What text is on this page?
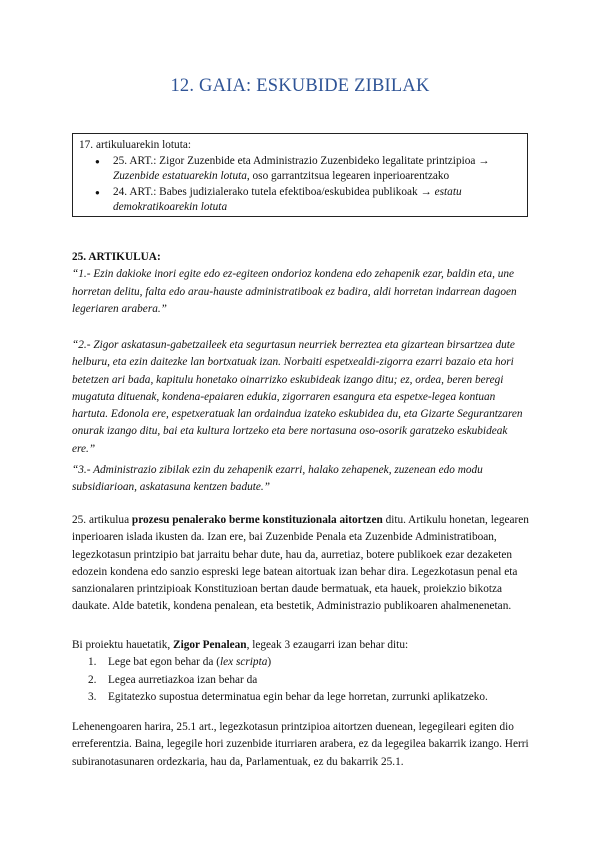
12. GAIA: ESKUBIDE ZIBILAK
17. artikuluarekin lotuta:
● 25. ART.: Zigor Zuzenbide eta Administrazio Zuzenbideko legalitate printzipioa → Zuzenbide estatuarekin lotuta, oso garrantzitsua legearen inperioarentzako
● 24. ART.: Babes judizialerako tutela efektiboa/eskubidea publikoak → estatu demokratikoarekin lotuta
25. ARTIKULUA:
“1.- Ezin dakioke inori egite edo ez-egiteen ondorioz kondena edo zehapenik ezar, baldin eta, une horretan delitu, falta edo arau-hauste administratiboak ez badira, aldi horretan indarrean dagoen legeriaren arabera.”
“2.- Zigor askatasun-gabetzaileek eta segurtasun neurriek berreztea eta gizartean birsartzea dute helburu, eta ezin daitezke lan bortxatuak izan. Norbaiti espetxealdi-zigorra ezarri bazaio eta hori betetzen ari bada, kapitulu honetako oinarrizko eskubideak izango ditu; ez, ordea, beren beregi mugatuta dituenak, kondena-epaiaren edukia, zigorraren esangura eta espetxe-legea kontuan hartuta. Edonola ere, espetxeratuak lan ordaindua izateko eskubidea du, eta Gizarte Segurantzaren onurak izango ditu, bai eta kultura lortzeko eta bere nortasuna oso-osorik garatzeko eskubideak ere.”
“3.- Administrazio zibilak ezin du zehapenik ezarri, halako zehapenek, zuzenean edo modu subsidiarioan, askatasuna kentzen badute.”
25. artikulua prozesu penalerako berme konstituzionala aitortzen ditu. Artikulu honetan, legearen inperioaren islada ikusten da. Izan ere, bai Zuzenbide Penala eta Zuzenbide Administratiboan, legezkotasun printzipio bat jarraitu behar dute, hau da, aurretiaz, botere publikoek ezar dezaketen edozein kondena edo sanzio espreski lege batean aitortuak izan behar dira. Legezkotasun penal eta sanzionalaren printzipioak Konstituzioan bertan daude bermatuak, eta hauek, proiekzio bikotza daukate. Alde batetik, kondena penalean, eta bestetik, Administrazio publikoaren ahalmenenetan.
Bi proiektu hauetatik, Zigor Penalean, legeak 3 ezaugarri izan behar ditu:
1. Lege bat egon behar da (lex scripta)
2. Legea aurretiazkoa izan behar da
3. Egitatezko supostua determinatua egin behar da lege horretan, zurrunki aplikatzeko.
Lehenengoaren harira, 25.1 art., legezkotasun printzipioa aitortzen duenean, legegileari egiten dio erreferentzia. Baina, legegile hori zuzenbide iturriaren arabera, ez da legegilea bakarrik izango. Herri subiranotasunaren ordezkaria, hau da, Parlamentuak, ez du bakarrik 25.1.
